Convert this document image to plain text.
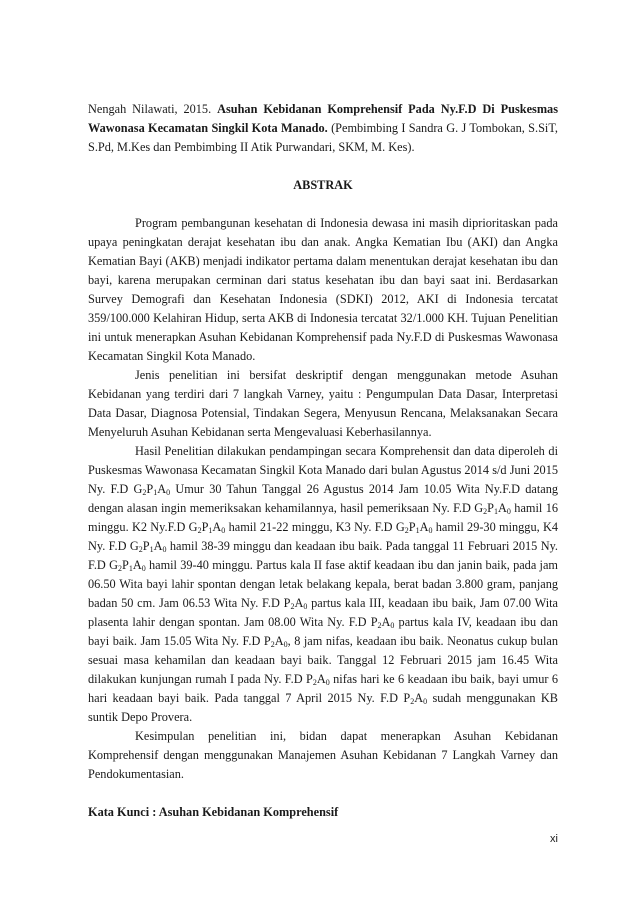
Nengah Nilawati, 2015. Asuhan Kebidanan Komprehensif Pada Ny.F.D Di Puskesmas Wawonasa Kecamatan Singkil Kota Manado. (Pembimbing I Sandra G. J Tombokan, S.SiT, S.Pd, M.Kes dan Pembimbing II Atik Purwandari, SKM, M. Kes).

ABSTRAK

Program pembangunan kesehatan di Indonesia dewasa ini masih diprioritaskan pada upaya peningkatan derajat kesehatan ibu dan anak. Angka Kematian Ibu (AKI) dan Angka Kematian Bayi (AKB) menjadi indikator pertama dalam menentukan derajat kesehatan ibu dan bayi, karena merupakan cerminan dari status kesehatan ibu dan bayi saat ini. Berdasarkan Survey Demografi dan Kesehatan Indonesia (SDKI) 2012, AKI di Indonesia tercatat 359/100.000 Kelahiran Hidup, serta AKB di Indonesia tercatat 32/1.000 KH. Tujuan Penelitian ini untuk menerapkan Asuhan Kebidanan Komprehensif pada Ny.F.D di Puskesmas Wawonasa Kecamatan Singkil Kota Manado.

Jenis penelitian ini bersifat deskriptif dengan menggunakan metode Asuhan Kebidanan yang terdiri dari 7 langkah Varney, yaitu : Pengumpulan Data Dasar, Interpretasi Data Dasar, Diagnosa Potensial, Tindakan Segera, Menyusun Rencana, Melaksanakan Secara Menyeluruh Asuhan Kebidanan serta Mengevaluasi Keberhasilannya.

Hasil Penelitian dilakukan pendampingan secara Komprehensit dan data diperoleh di Puskesmas Wawonasa Kecamatan Singkil Kota Manado dari bulan Agustus 2014 s/d Juni 2015 Ny. F.D $G_2P_1A_0$ Umur 30 Tahun Tanggal 26 Agustus 2014 Jam 10.05 Wita Ny.F.D datang dengan alasan ingin memeriksakan kehamilannya, hasil pemeriksaan Ny. F.D $G_2P_1A_0$ hamil 16 minggu. K2 Ny.F.D $G_2P_1A_0$ hamil 21-22 minggu, K3 Ny. F.D $G_2P_1A_0$ hamil 29-30 minggu, K4 Ny. F.D $G_2P_1A_0$ hamil 38-39 minggu dan keadaan ibu baik. Pada tanggal 11 Februari 2015 Ny. F.D $G_2P_1A_0$ hamil 39-40 minggu. Partus kala II fase aktif keadaan ibu dan janin baik, pada jam 06.50 Wita bayi lahir spontan dengan letak belakang kepala, berat badan 3.800 gram, panjang badan 50 cm. Jam 06.53 Wita Ny. F.D $P_2A_0$ partus kala III, keadaan ibu baik, Jam 07.00 Wita plasenta lahir dengan spontan. Jam 08.00 Wita Ny. F.D $P_2A_0$ partus kala IV, keadaan ibu dan bayi baik. Jam 15.05 Wita Ny. F.D $P_2A_0$, 8 jam nifas, keadaan ibu baik. Neonatus cukup bulan sesuai masa kehamilan dan keadaan bayi baik. Tanggal 12 Februari 2015 jam 16.45 Wita dilakukan kunjungan rumah I pada Ny. F.D $P_2A_0$ nifas hari ke 6 keadaan ibu baik, bayi umur 6 hari keadaan bayi baik. Pada tanggal 7 April 2015 Ny. F.D $P_2A_0$ sudah menggunakan KB suntik Depo Provera.

Kesimpulan penelitian ini, bidan dapat menerapkan Asuhan Kebidanan Komprehensif dengan menggunakan Manajemen Asuhan Kebidanan 7 Langkah Varney dan Pendokumentasian.

Kata Kunci : Asuhan Kebidanan Komprehensif

xi
